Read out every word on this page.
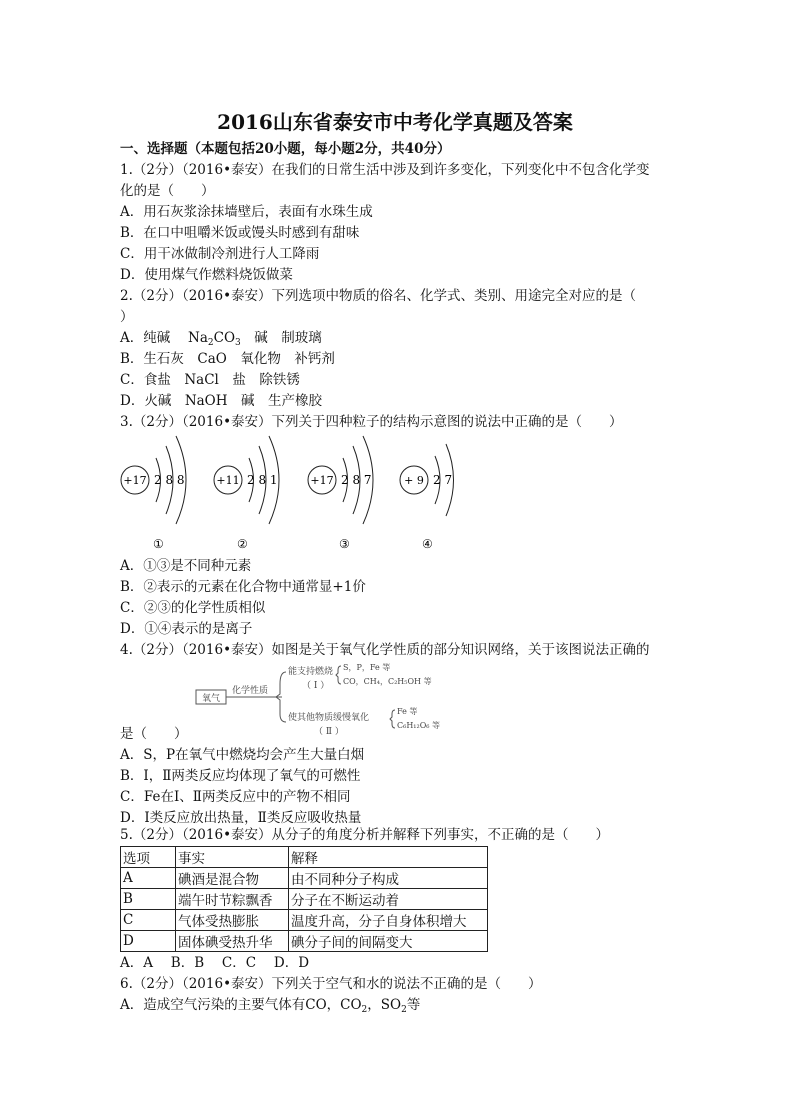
2016山东省泰安市中考化学真题及答案
一、选择题（本题包括20小题，每小题2分，共40分）
1.（2分）（2016•泰安）在我们的日常生活中涉及到许多变化，下列变化中不包含化学变
化的是（　　）
A．用石灰浆涂抹墙壁后，表面有水珠生成
B．在口中咀嚼米饭或馒头时感到有甜味
C．用干冰做制冷剂进行人工降雨
D．使用煤气作燃料烧饭做菜
2.（2分）（2016•泰安）下列选项中物质的俗名、化学式、类别、用途完全对应的是（
）
A．纯碱　 $Na_2CO_3$　碱　制玻璃
B．生石灰　CaO　氧化物　补钙剂
C．食盐　NaCl　盐　除铁锈
D．火碱　NaOH　碱　生产橡胶
3.（2分）（2016•泰安）下列关于四种粒子的结构示意图的说法中正确的是（　　）
+17 2 8 8
①
+11 2 8 1
②
+17 2 8 7
③
+ 9 2 7
④
A．①③是不同种元素
B．②表示的元素在化合物中通常显+1价
C．②③的化学性质相似
D．①④表示的是离子
4.（2分）（2016•泰安）如图是关于氧气化学性质的部分知识网络，关于该图说法正确的
氧气
化学性质
能支持燃烧
（ Ⅰ ）
S，P，Fe 等
CO，CH₄，C₂H₅OH 等
使其他物质缓慢氧化
（ Ⅱ ）
Fe 等
C₆H₁₂O₆ 等
是（　　）
A．S，P在氧气中燃烧均会产生大量白烟
B．Ⅰ，Ⅱ两类反应均体现了氧气的可燃性
C．Fe在Ⅰ、Ⅱ两类反应中的产物不相同
D．Ⅰ类反应放出热量，Ⅱ类反应吸收热量
5.（2分）（2016•泰安）从分子的角度分析并解释下列事实，不正确的是（　　）
选项	事实	解释
A	碘酒是混合物	由不同种分子构成
B	端午时节粽飘香	分子在不断运动着
C	气体受热膨胀	温度升高，分子自身体积增大
D	固体碘受热升华	碘分子间的间隔变大
A．A　 B．B　 C．C　 D．D
6.（2分）（2016•泰安）下列关于空气和水的说法不正确的是（　　）
A．造成空气污染的主要气体有CO，$CO_2$，$SO_2$等
